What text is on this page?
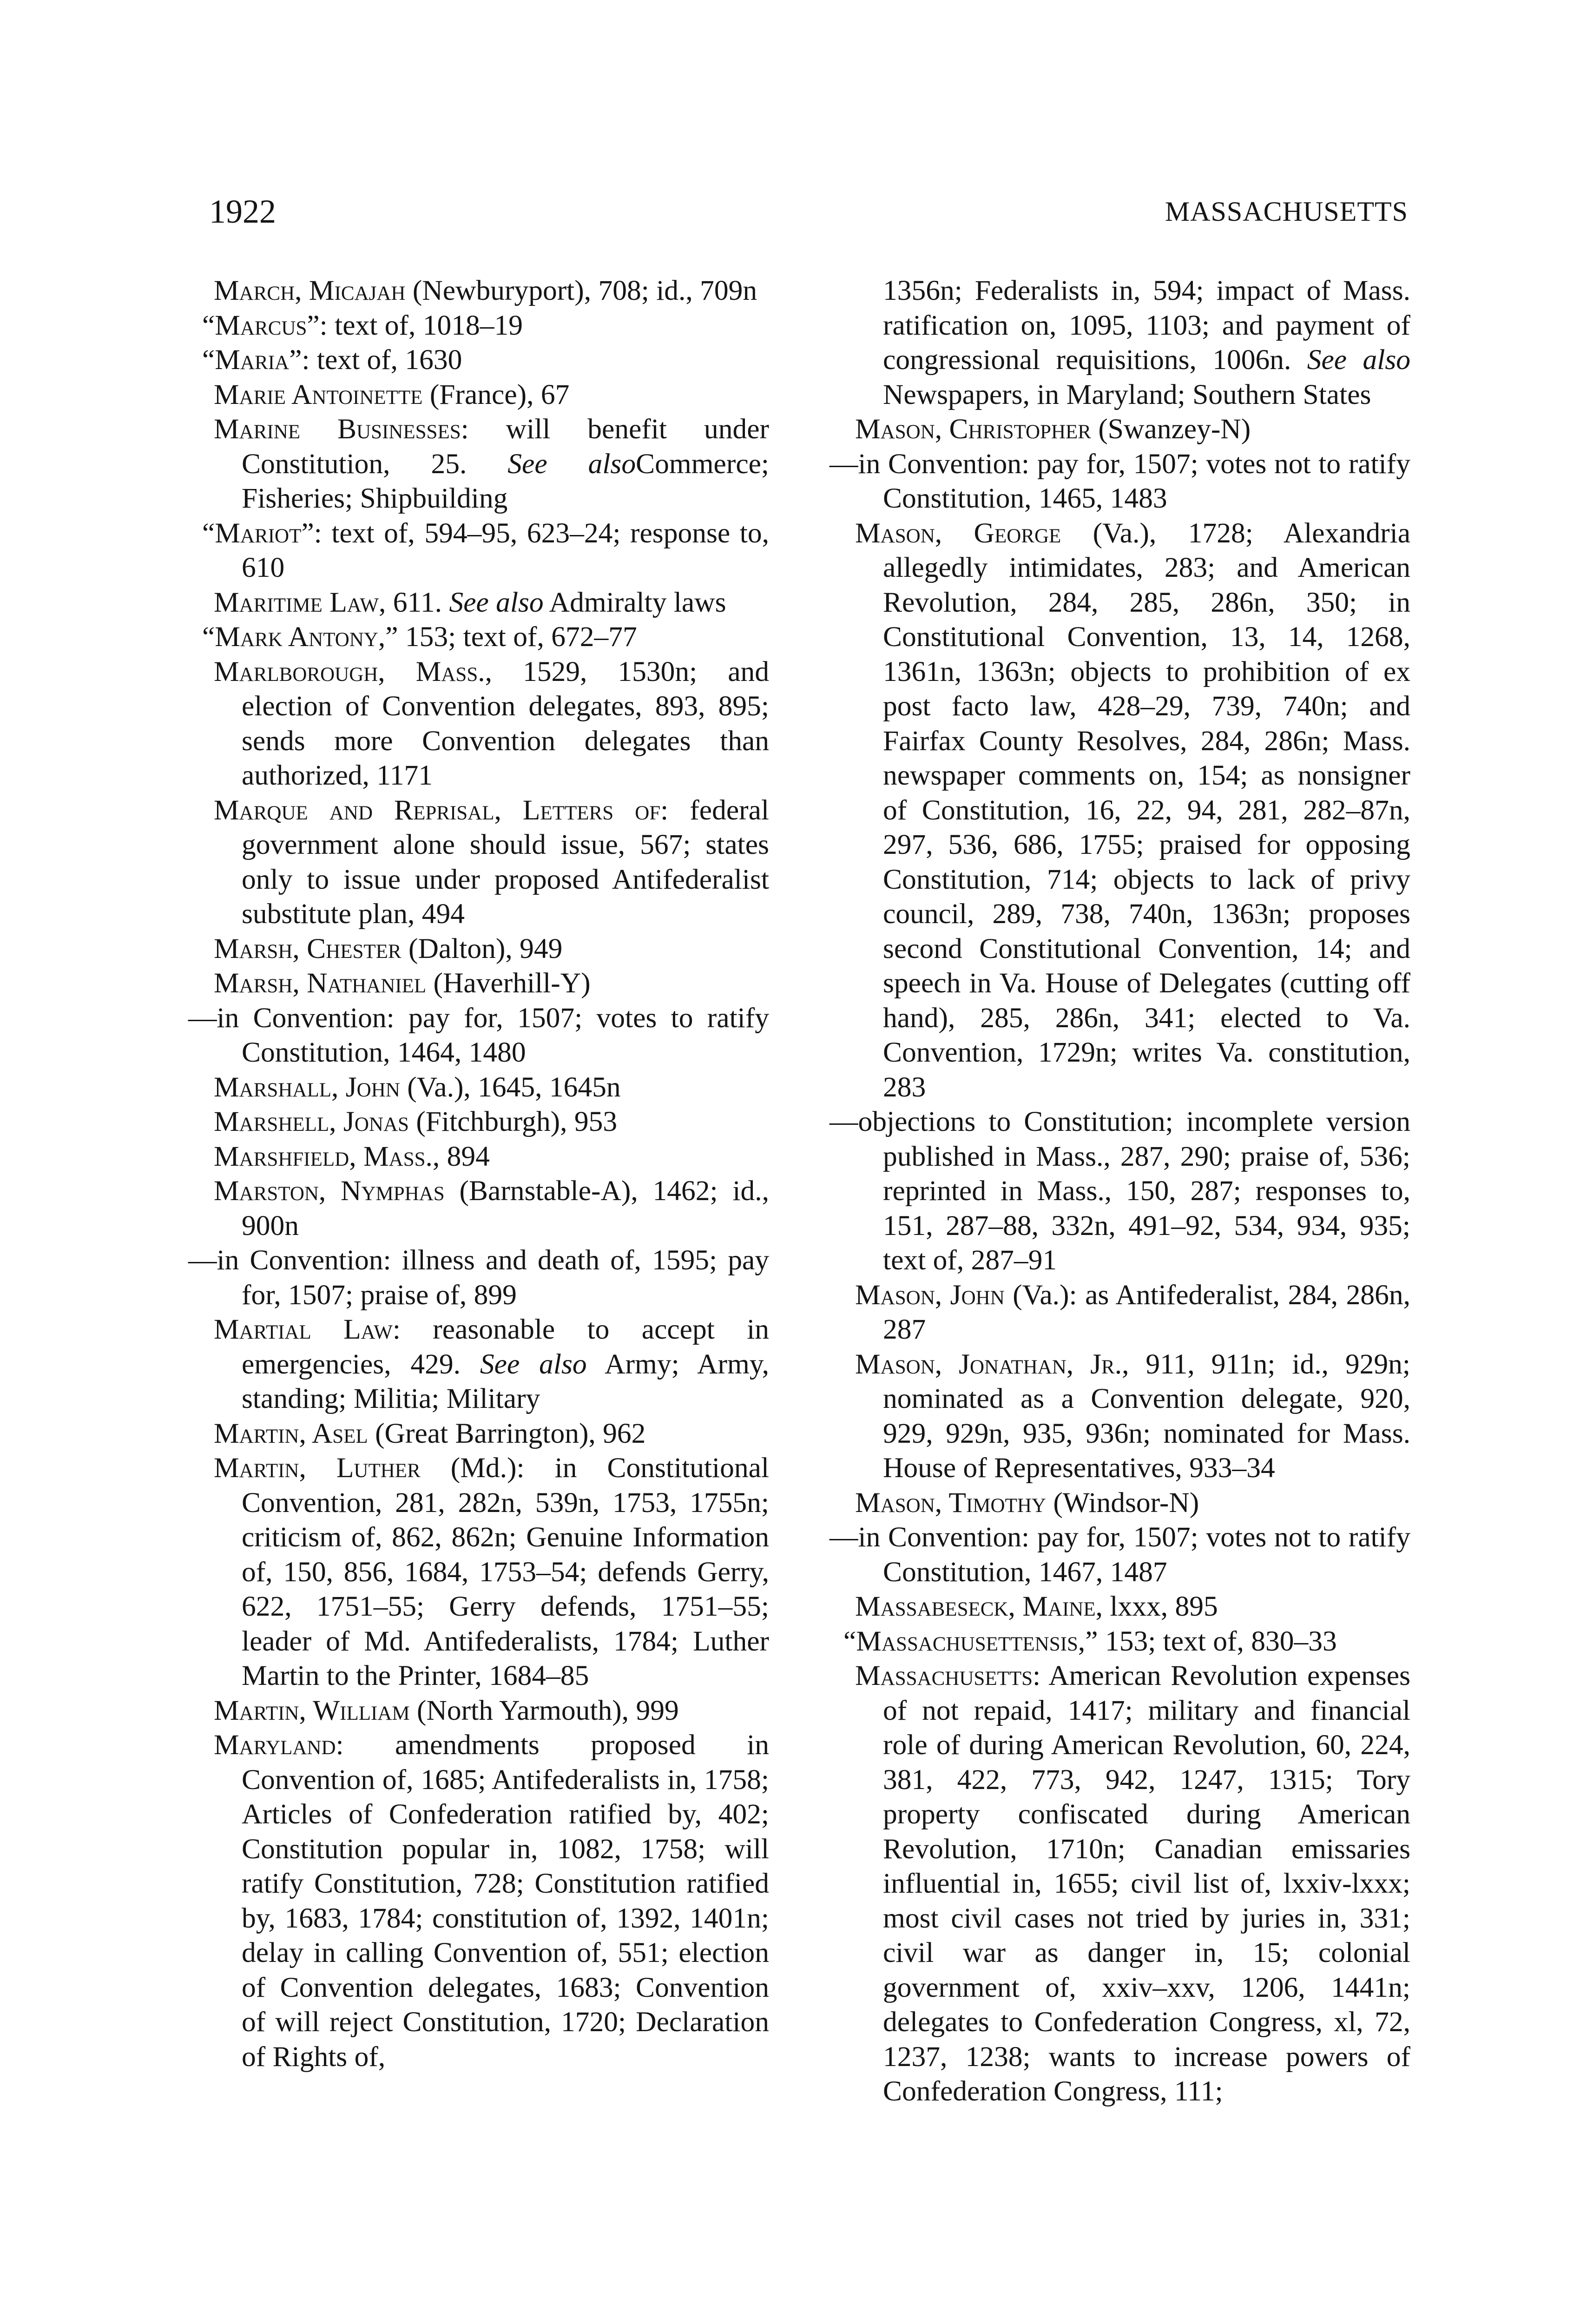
1922	MASSACHUSETTS

March, Micajah (Newburyport), 708; id., 709n

“Marcus”: text of, 1018–19

“Maria”: text of, 1630

Marie Antoinette (France), 67

Marine Businesses: will benefit under Constitution, 25. See alsoCommerce; Fisheries; Shipbuilding

“Mariot”: text of, 594–95, 623–24; response to, 610

Maritime Law, 611. See also Admiralty laws

“Mark Antony,” 153; text of, 672–77

Marlborough, Mass., 1529, 1530n; and election of Convention delegates, 893, 895; sends more Convention delegates than authorized, 1171

Marque and Reprisal, Letters of: federal government alone should issue, 567; states only to issue under proposed Antifederalist substitute plan, 494

Marsh, Chester (Dalton), 949

Marsh, Nathaniel (Haverhill-Y)

—in Convention: pay for, 1507; votes to ratify Constitution, 1464, 1480

Marshall, John (Va.), 1645, 1645n

Marshell, Jonas (Fitchburgh), 953

Marshfield, Mass., 894

Marston, Nymphas (Barnstable-A), 1462; id., 900n

—in Convention: illness and death of, 1595; pay for, 1507; praise of, 899

Martial Law: reasonable to accept in emergencies, 429. See also Army; Army, standing; Militia; Military

Martin, Asel (Great Barrington), 962

Martin, Luther (Md.): in Constitutional Convention, 281, 282n, 539n, 1753, 1755n; criticism of, 862, 862n; Genuine Information of, 150, 856, 1684, 1753–54; defends Gerry, 622, 1751–55; Gerry defends, 1751–55; leader of Md. Antifederalists, 1784; Luther Martin to the Printer, 1684–85

Martin, William (North Yarmouth), 999

Maryland: amendments proposed in Convention of, 1685; Antifederalists in, 1758; Articles of Confederation ratified by, 402; Constitution popular in, 1082, 1758; will ratify Constitution, 728; Constitution ratified by, 1683, 1784; constitution of, 1392, 1401n; delay in calling Convention of, 551; election of Convention delegates, 1683; Convention of will reject Constitution, 1720; Declaration of Rights of,

1356n; Federalists in, 594; impact of Mass. ratification on, 1095, 1103; and payment of congressional requisitions, 1006n. See also Newspapers, in Maryland; Southern States

Mason, Christopher (Swanzey-N)

—in Convention: pay for, 1507; votes not to ratify Constitution, 1465, 1483

Mason, George (Va.), 1728; Alexandria allegedly intimidates, 283; and American Revolution, 284, 285, 286n, 350; in Constitutional Convention, 13, 14, 1268, 1361n, 1363n; objects to prohibition of ex post facto law, 428–29, 739, 740n; and Fairfax County Resolves, 284, 286n; Mass. newspaper comments on, 154; as nonsigner of Constitution, 16, 22, 94, 281, 282–87n, 297, 536, 686, 1755; praised for opposing Constitution, 714; objects to lack of privy council, 289, 738, 740n, 1363n; proposes second Constitutional Convention, 14; and speech in Va. House of Delegates (cutting off hand), 285, 286n, 341; elected to Va. Convention, 1729n; writes Va. constitution, 283

—objections to Constitution; incomplete version published in Mass., 287, 290; praise of, 536; reprinted in Mass., 150, 287; responses to, 151, 287–88, 332n, 491–92, 534, 934, 935; text of, 287–91

Mason, John (Va.): as Antifederalist, 284, 286n, 287

Mason, Jonathan, Jr., 911, 911n; id., 929n; nominated as a Convention delegate, 920, 929, 929n, 935, 936n; nominated for Mass. House of Representatives, 933–34

Mason, Timothy (Windsor-N)

—in Convention: pay for, 1507; votes not to ratify Constitution, 1467, 1487

Massabeseck, Maine, lxxx, 895

“Massachusettensis,” 153; text of, 830–33

Massachusetts: American Revolution expenses of not repaid, 1417; military and financial role of during American Revolution, 60, 224, 381, 422, 773, 942, 1247, 1315; Tory property confiscated during American Revolution, 1710n; Canadian emissaries influential in, 1655; civil list of, lxxiv-lxxx; most civil cases not tried by juries in, 331; civil war as danger in, 15; colonial government of, xxiv–xxv, 1206, 1441n; delegates to Confederation Congress, xl, 72, 1237, 1238; wants to increase powers of Confederation Congress, 111;
